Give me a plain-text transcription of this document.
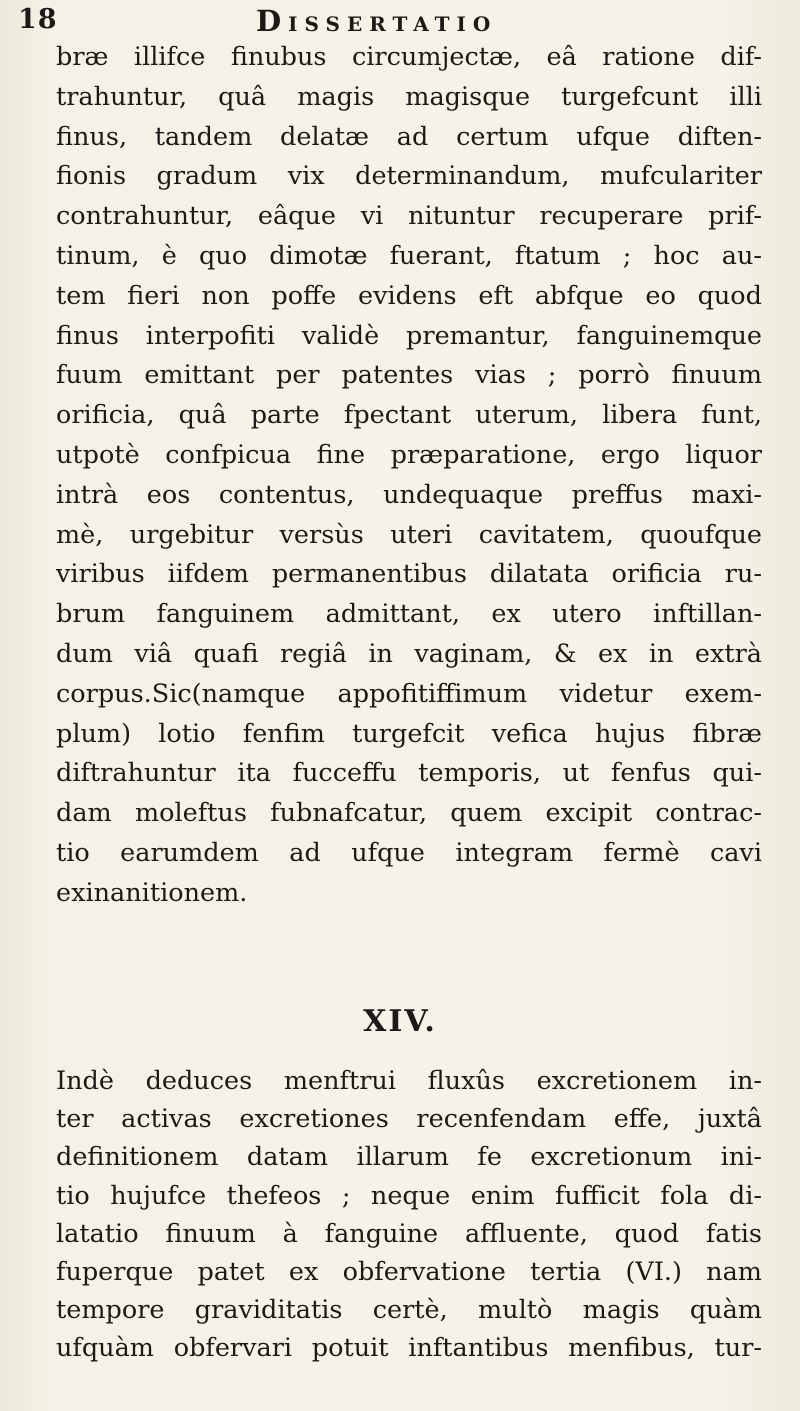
18	Dissertatio
bræ illifce finubus circumjectæ, eâ ratione dif-
trahuntur, quâ magis magisque turgefcunt illi
finus, tandem delatæ ad certum ufque diften-
fionis gradum vix determinandum, mufculariter
contrahuntur, eâque vi nituntur recuperare prif-
tinum, è quo dimotæ fuerant, ftatum ; hoc au-
tem fieri non poffe evidens eft abfque eo quod
finus interpofiti validè premantur, fanguinemque
fuum emittant per patentes vias ; porrò finuum
orificia, quâ parte fpectant uterum, libera funt,
utpotè confpicua fine præparatione, ergo liquor
intrà eos contentus, undequaque preffus maxi-
mè, urgebitur versùs uteri cavitatem, quoufque
viribus iifdem permanentibus dilatata orificia ru-
brum fanguinem admittant, ex utero inftillan-
dum viâ quafi regiâ in vaginam, & ex in extrà
corpus.Sic(namque appofitiffimum videtur exem-
plum) lotio fenfim turgefcit vefica hujus fibræ
diftrahuntur ita fucceffu temporis, ut fenfus qui-
dam moleftus fubnafcatur, quem excipit contrac-
tio earumdem ad ufque integram fermè cavi
exinanitionem.
XIV.
Indè deduces menftrui fluxûs excretionem in-
ter activas excretiones recenfendam effe, juxtâ
definitionem datam illarum fe excretionum ini-
tio hujufce thefeos ; neque enim fufficit fola di-
latatio finuum à fanguine affluente, quod fatis
fuperque patet ex obfervatione tertia (VI.) nam
tempore graviditatis certè, multò magis quàm
ufquàm obfervari potuit inftantibus menfibus, tur-
